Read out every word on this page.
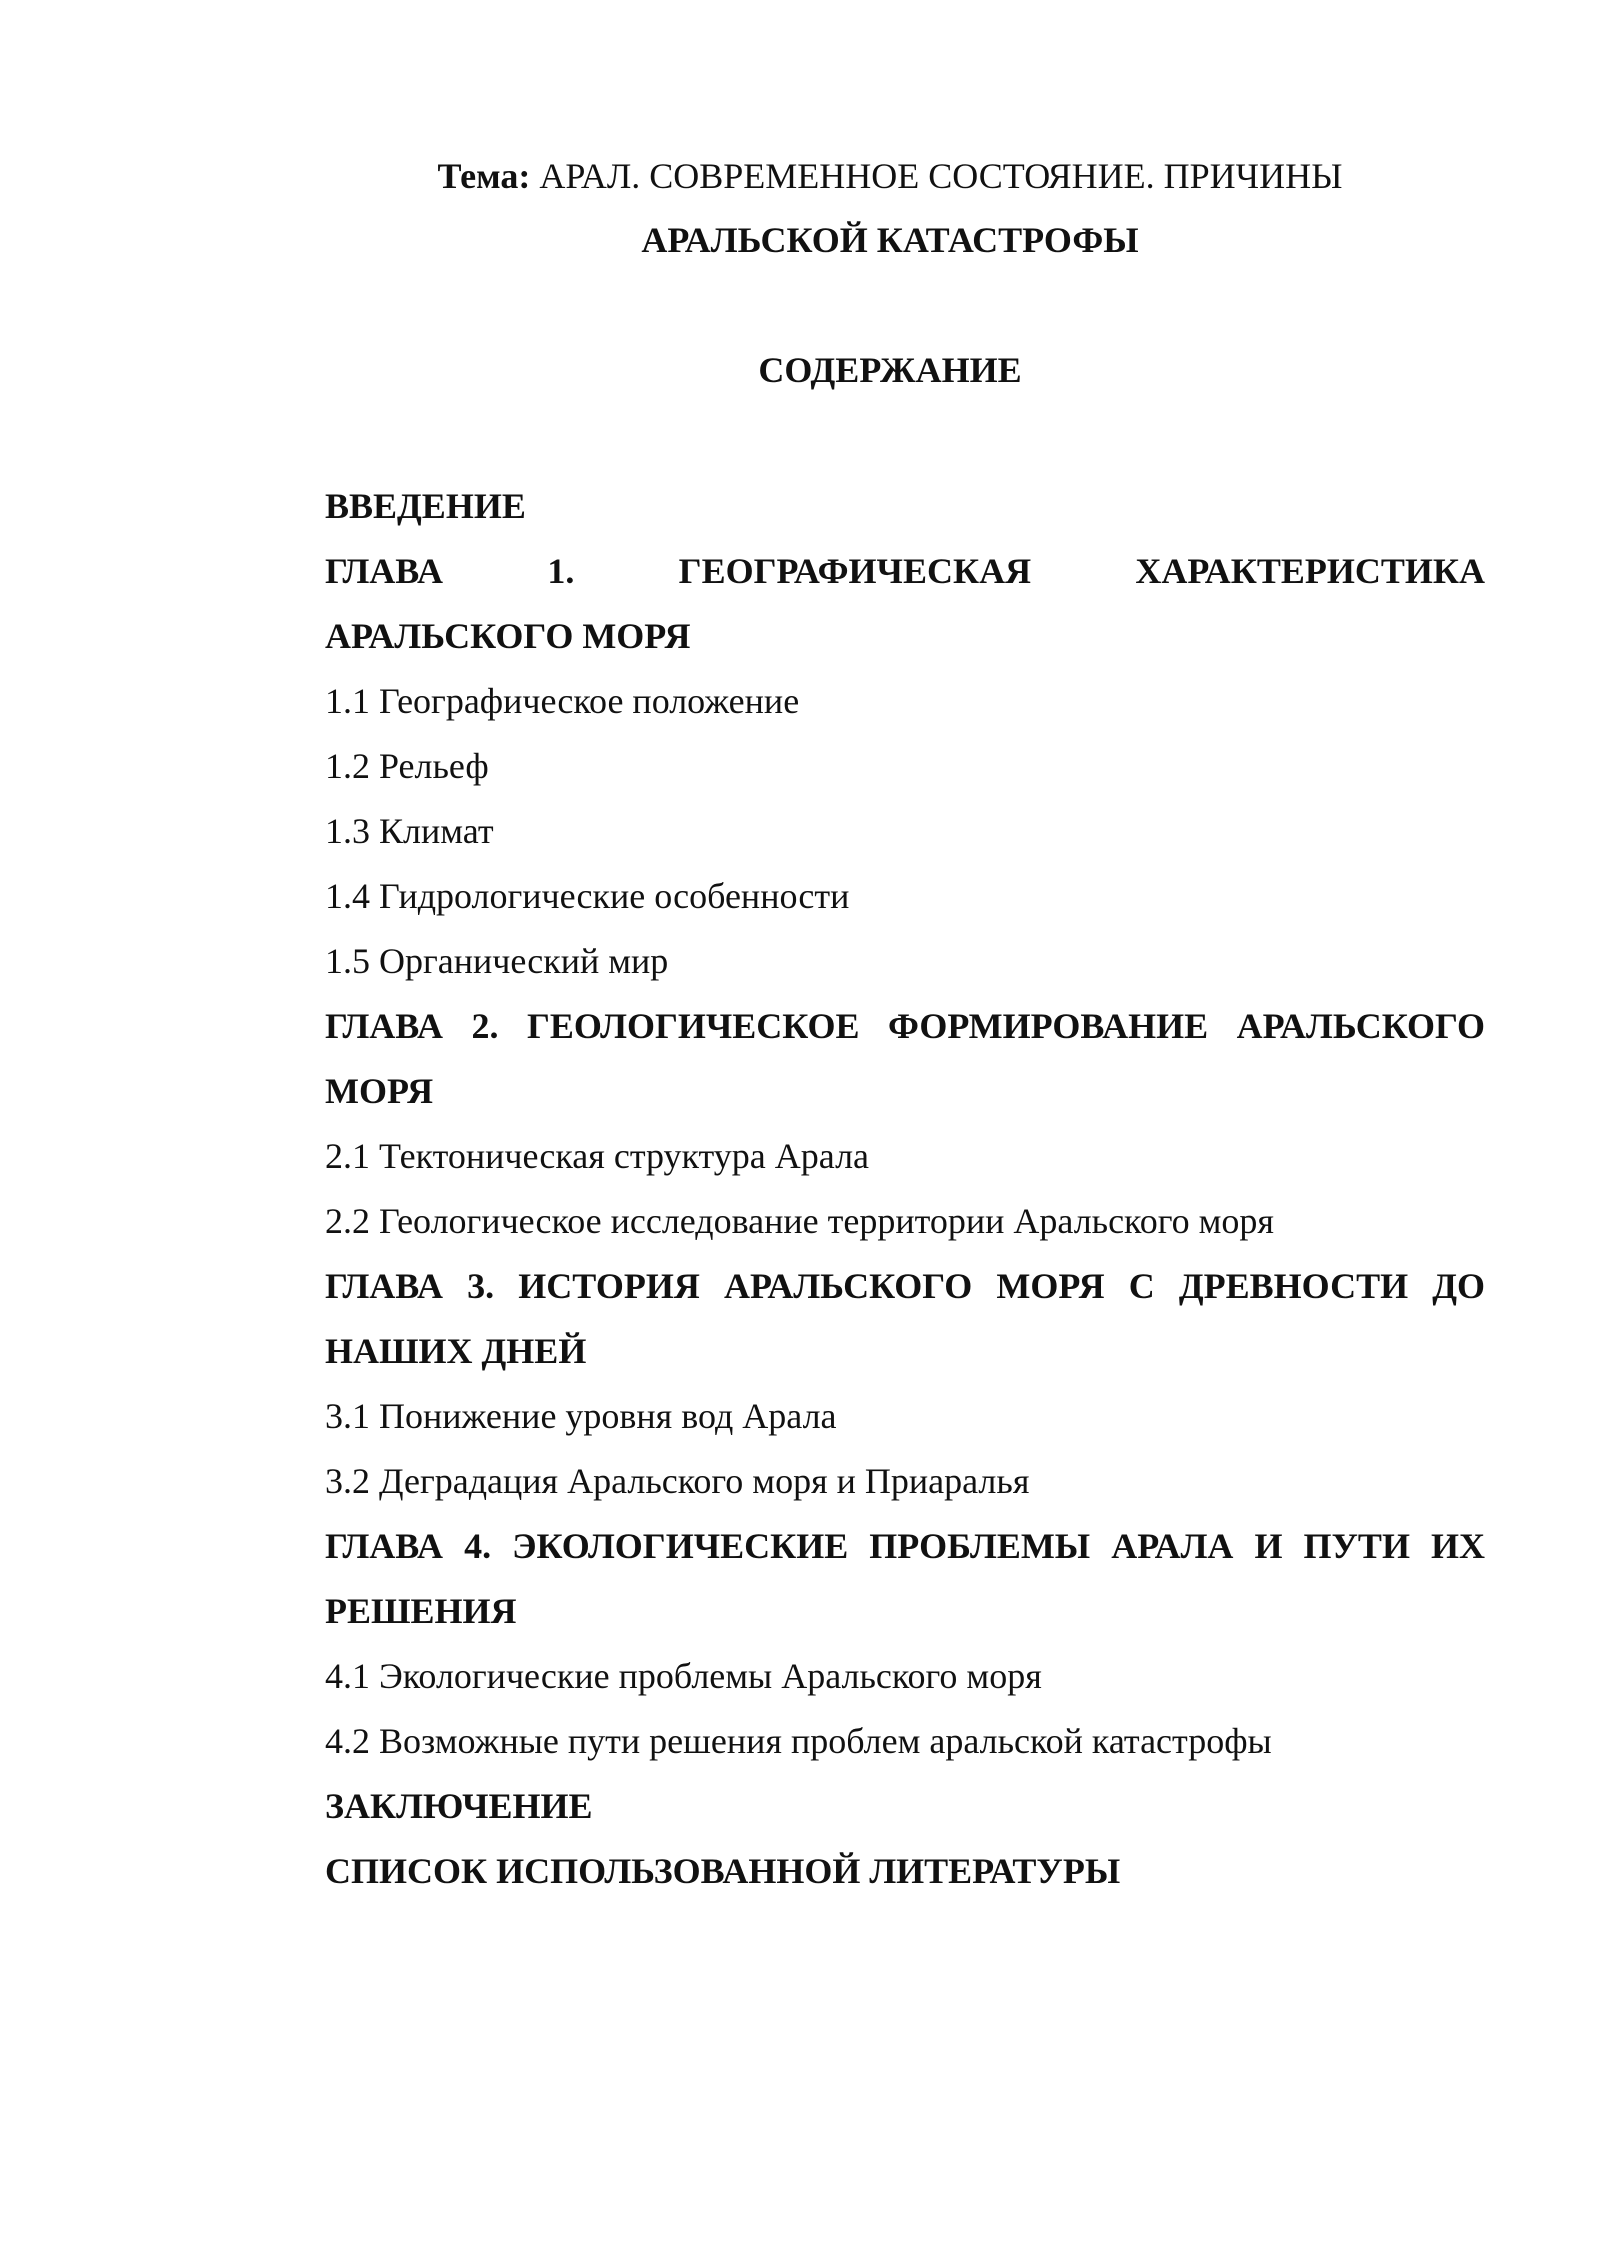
Тема: АРАЛ. СОВРЕМЕННОЕ СОСТОЯНИЕ. ПРИЧИНЫ

АРАЛЬСКОЙ КАТАСТРОФЫ

СОДЕРЖАНИЕ

ВВЕДЕНИЕ
ГЛАВА 1. ГЕОГРАФИЧЕСКАЯ ХАРАКТЕРИСТИКА
АРАЛЬСКОГО МОРЯ
1.1 Географическое положение
1.2 Рельеф
1.3 Климат
1.4 Гидрологические особенности
1.5 Органический мир
ГЛАВА 2. ГЕОЛОГИЧЕСКОЕ ФОРМИРОВАНИЕ АРАЛЬСКОГО
МОРЯ
2.1 Тектоническая структура Арала
2.2 Геологическое исследование территории Аральского моря
ГЛАВА 3. ИСТОРИЯ АРАЛЬСКОГО МОРЯ С ДРЕВНОСТИ ДО
НАШИХ ДНЕЙ
3.1 Понижение уровня вод Арала
3.2 Деградация Аральского моря и Приаралья
ГЛАВА 4. ЭКОЛОГИЧЕСКИЕ ПРОБЛЕМЫ АРАЛА И ПУТИ ИХ
РЕШЕНИЯ
4.1 Экологические проблемы Аральского моря
4.2 Возможные пути решения проблем аральской катастрофы
ЗАКЛЮЧЕНИЕ
СПИСОК ИСПОЛЬЗОВАННОЙ ЛИТЕРАТУРЫ
